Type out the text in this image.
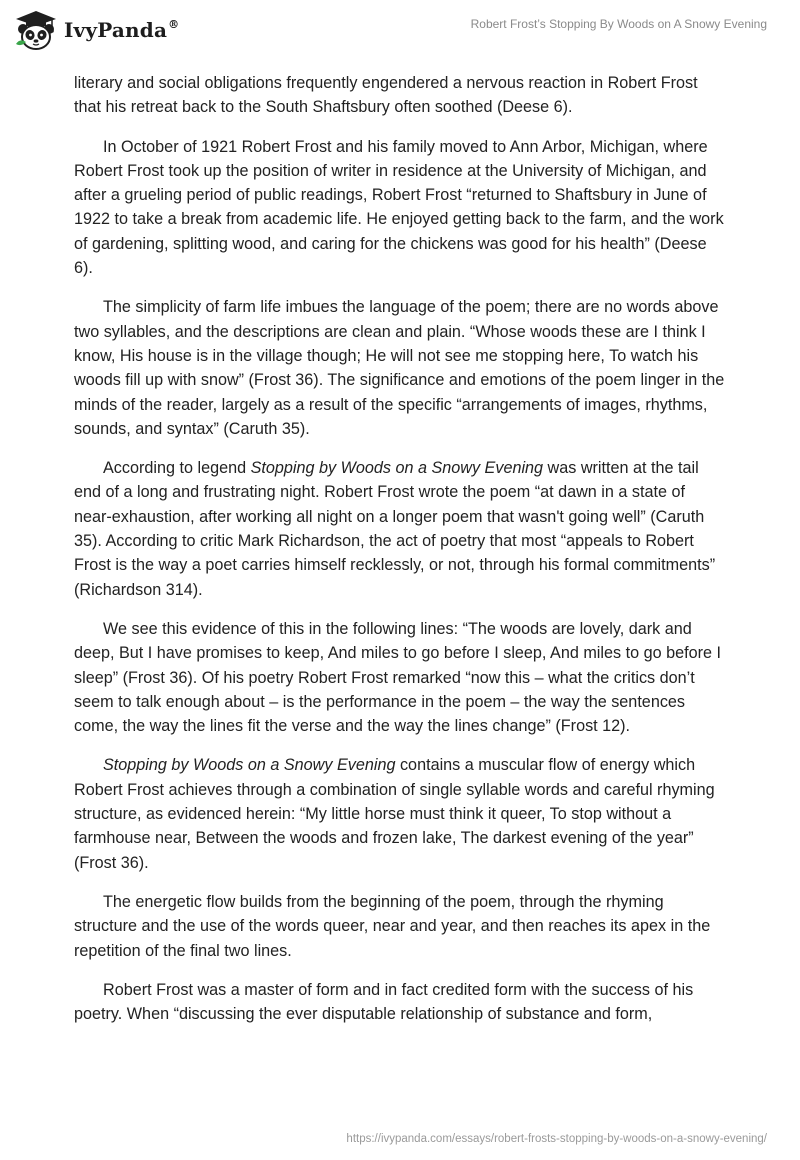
IvyPanda®	Robert Frost’s Stopping By Woods on A Snowy Evening

literary and social obligations frequently engendered a nervous reaction in Robert Frost that his retreat back to the South Shaftsbury often soothed (Deese 6).

In October of 1921 Robert Frost and his family moved to Ann Arbor, Michigan, where Robert Frost took up the position of writer in residence at the University of Michigan, and after a grueling period of public readings, Robert Frost “returned to Shaftsbury in June of 1922 to take a break from academic life. He enjoyed getting back to the farm, and the work of gardening, splitting wood, and caring for the chickens was good for his health” (Deese 6).

The simplicity of farm life imbues the language of the poem; there are no words above two syllables, and the descriptions are clean and plain. “Whose woods these are I think I know, His house is in the village though; He will not see me stopping here, To watch his woods fill up with snow” (Frost 36). The significance and emotions of the poem linger in the minds of the reader, largely as a result of the specific “arrangements of images, rhythms, sounds, and syntax” (Caruth 35).

According to legend Stopping by Woods on a Snowy Evening was written at the tail end of a long and frustrating night. Robert Frost wrote the poem “at dawn in a state of near-exhaustion, after working all night on a longer poem that wasn't going well” (Caruth 35). According to critic Mark Richardson, the act of poetry that most “appeals to Robert Frost is the way a poet carries himself recklessly, or not, through his formal commitments” (Richardson 314).

We see this evidence of this in the following lines: “The woods are lovely, dark and deep, But I have promises to keep, And miles to go before I sleep, And miles to go before I sleep” (Frost 36). Of his poetry Robert Frost remarked “now this – what the critics don’t seem to talk enough about – is the performance in the poem – the way the sentences come, the way the lines fit the verse and the way the lines change” (Frost 12).

Stopping by Woods on a Snowy Evening contains a muscular flow of energy which Robert Frost achieves through a combination of single syllable words and careful rhyming structure, as evidenced herein: “My little horse must think it queer, To stop without a farmhouse near, Between the woods and frozen lake, The darkest evening of the year” (Frost 36).

The energetic flow builds from the beginning of the poem, through the rhyming structure and the use of the words queer, near and year, and then reaches its apex in the repetition of the final two lines.

Robert Frost was a master of form and in fact credited form with the success of his poetry. When “discussing the ever disputable relationship of substance and form,

https://ivypanda.com/essays/robert-frosts-stopping-by-woods-on-a-snowy-evening/
